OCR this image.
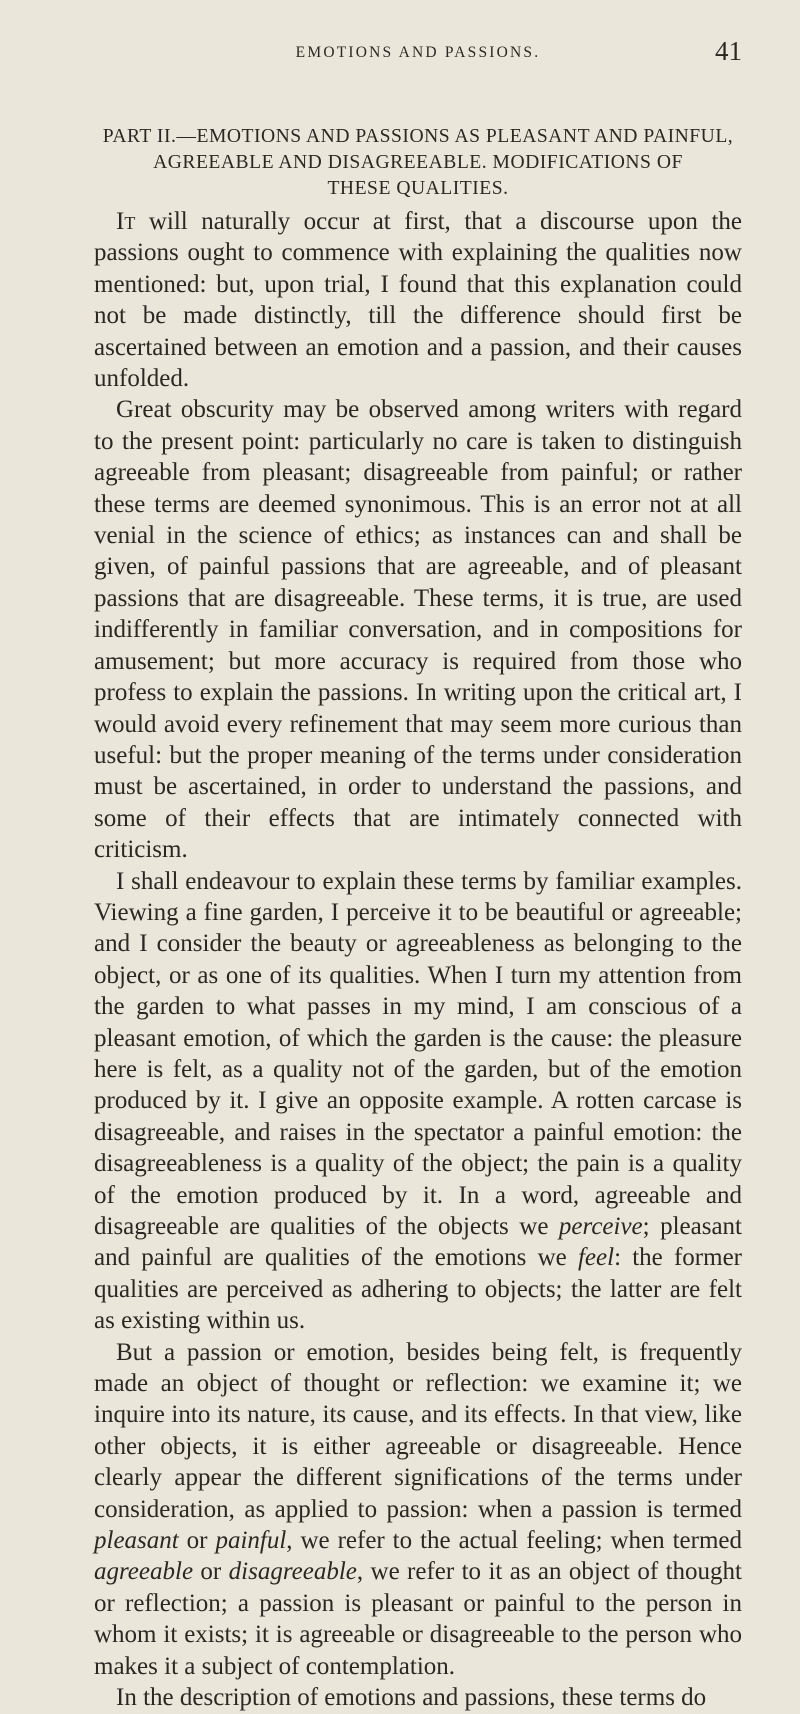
EMOTIONS AND PASSIONS.	41
PART II.—EMOTIONS AND PASSIONS AS PLEASANT AND PAINFUL,
AGREEABLE AND DISAGREEABLE. MODIFICATIONS OF
THESE QUALITIES.

It will naturally occur at first, that a discourse upon the passions ought to commence with explaining the qualities now mentioned: but, upon trial, I found that this explanation could not be made distinctly, till the difference should first be ascertained between an emotion and a passion, and their causes unfolded.

Great obscurity may be observed among writers with regard to the present point: particularly no care is taken to distinguish agreeable from pleasant; disagreeable from painful; or rather these terms are deemed synonimous. This is an error not at all venial in the science of ethics; as instances can and shall be given, of painful passions that are agreeable, and of pleasant passions that are disagreeable. These terms, it is true, are used indifferently in familiar conversation, and in compositions for amusement; but more accuracy is required from those who profess to explain the passions. In writing upon the critical art, I would avoid every refinement that may seem more curious than useful: but the proper meaning of the terms under consideration must be ascertained, in order to understand the passions, and some of their effects that are intimately connected with criticism.

I shall endeavour to explain these terms by familiar examples. Viewing a fine garden, I perceive it to be beautiful or agreeable; and I consider the beauty or agreeableness as belonging to the object, or as one of its qualities. When I turn my attention from the garden to what passes in my mind, I am conscious of a pleasant emotion, of which the garden is the cause: the pleasure here is felt, as a quality not of the garden, but of the emotion produced by it. I give an opposite example. A rotten carcase is disagreeable, and raises in the spectator a painful emotion: the disagreeableness is a quality of the object; the pain is a quality of the emotion produced by it. In a word, agreeable and disagreeable are qualities of the objects we perceive; pleasant and painful are qualities of the emotions we feel: the former qualities are perceived as adhering to objects; the latter are felt as existing within us.

But a passion or emotion, besides being felt, is frequently made an object of thought or reflection: we examine it; we inquire into its nature, its cause, and its effects. In that view, like other objects, it is either agreeable or disagreeable. Hence clearly appear the different significations of the terms under consideration, as applied to passion: when a passion is termed pleasant or painful, we refer to the actual feeling; when termed agreeable or disagreeable, we refer to it as an object of thought or reflection; a passion is pleasant or painful to the person in whom it exists; it is agreeable or disagreeable to the person who makes it a subject of contemplation.

In the description of emotions and passions, these terms do
